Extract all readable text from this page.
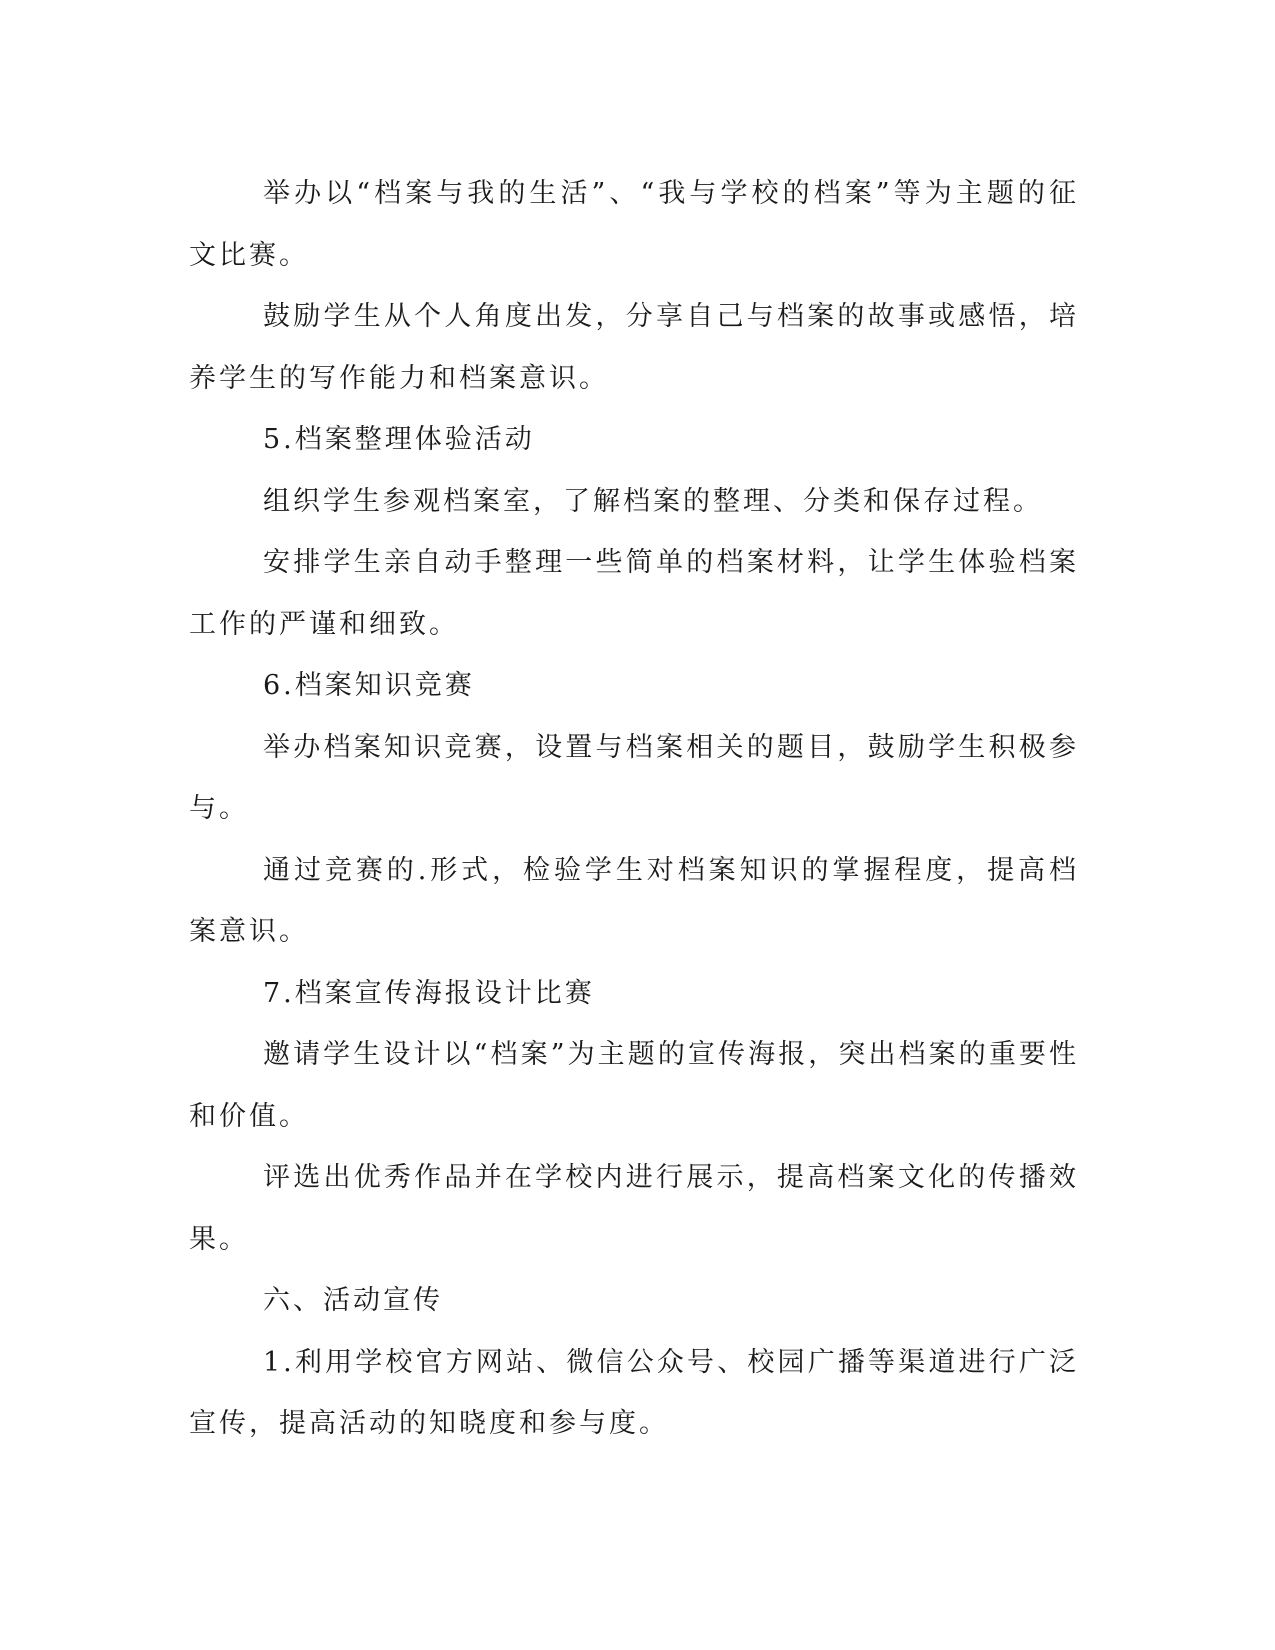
举办以“档案与我的生活”、“我与学校的档案”等为主题的征文比赛。

鼓励学生从个人角度出发，分享自己与档案的故事或感悟，培养学生的写作能力和档案意识。

5.档案整理体验活动

组织学生参观档案室，了解档案的整理、分类和保存过程。

安排学生亲自动手整理一些简单的档案材料，让学生体验档案工作的严谨和细致。

6.档案知识竞赛

举办档案知识竞赛，设置与档案相关的题目，鼓励学生积极参与。

通过竞赛的.形式，检验学生对档案知识的掌握程度，提高档案意识。

7.档案宣传海报设计比赛

邀请学生设计以“档案”为主题的宣传海报，突出档案的重要性和价值。

评选出优秀作品并在学校内进行展示，提高档案文化的传播效果。

六、活动宣传

1.利用学校官方网站、微信公众号、校园广播等渠道进行广泛宣传，提高活动的知晓度和参与度。
